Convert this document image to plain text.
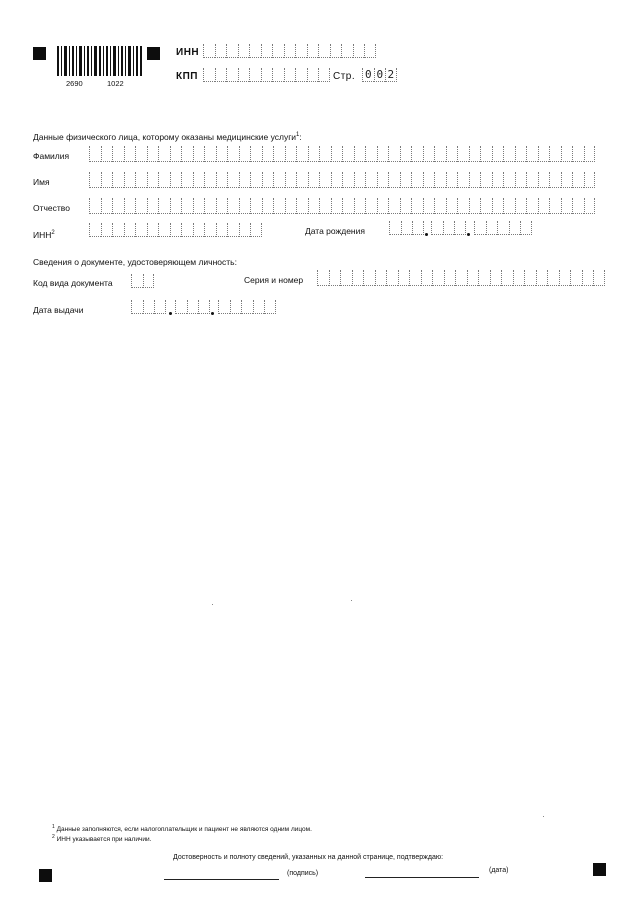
2690	1022
ИНН
КПП	Стр. 0 0 2
Данные физического лица, которому оказаны медицинские услуги$^1$:
Фамилия
Имя
Отчество
ИНН$^2$	Дата рождения
Сведения о документе, удостоверяющем личность:
Код вида документа	Серия и номер
Дата выдачи
$^1$ Данные заполняются, если налогоплательщик и пациент не являются одним лицом.
$^2$ ИНН указывается при наличии.
Достоверность и полноту сведений, указанных на данной странице, подтверждаю:
(подпись)	(дата)
